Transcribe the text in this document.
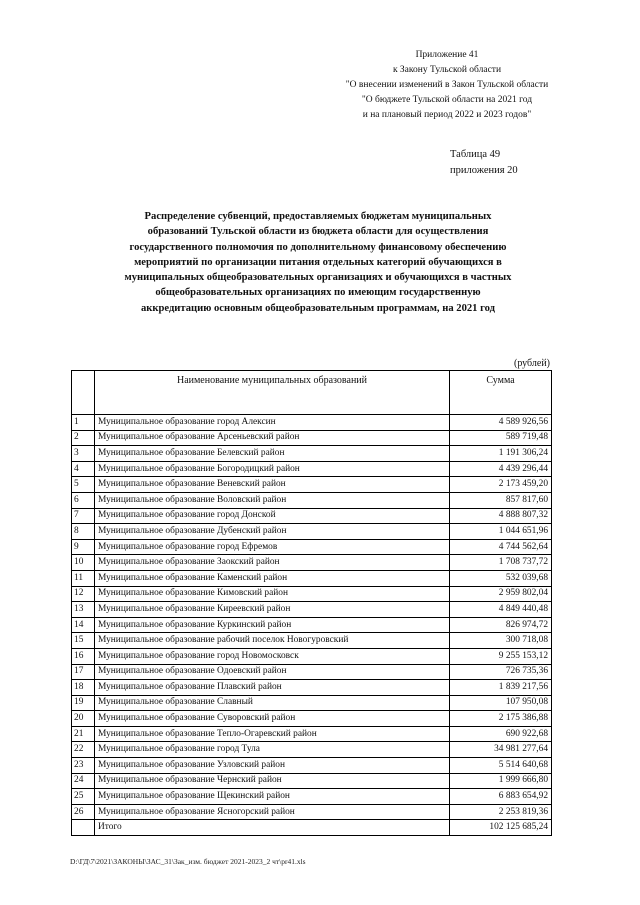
Приложение 41
к Закону Тульской области
"О внесении изменений в Закон Тульской области
"О бюджете Тульской области на 2021 год
и на плановый период 2022 и 2023 годов"
Таблица 49
приложения 20
Распределение субвенций, предоставляемых бюджетам муниципальных
образований Тульской области из бюджета области для осуществления
государственного полномочия по дополнительному финансовому обеспечению
мероприятий по организации питания отдельных категорий обучающихся в
муниципальных общеобразовательных организациях и обучающихся в частных
общеобразовательных организациях по имеющим государственную
аккредитацию основным общеобразовательным программам, на 2021 год
(рублей)
	Наименование муниципальных образований	Сумма
1	Муниципальное образование город Алексин	4 589 926,56
2	Муниципальное образование Арсеньевский район	589 719,48
3	Муниципальное образование Белевский район	1 191 306,24
4	Муниципальное образование Богородицкий район	4 439 296,44
5	Муниципальное образование Веневский район	2 173 459,20
6	Муниципальное образование Воловский район	857 817,60
7	Муниципальное образование город Донской	4 888 807,32
8	Муниципальное образование Дубенский район	1 044 651,96
9	Муниципальное образование город Ефремов	4 744 562,64
10	Муниципальное образование Заокский район	1 708 737,72
11	Муниципальное образование Каменский район	532 039,68
12	Муниципальное образование Кимовский район	2 959 802,04
13	Муниципальное образование Киреевский район	4 849 440,48
14	Муниципальное образование Куркинский район	826 974,72
15	Муниципальное образование рабочий поселок Новогуровский	300 718,08
16	Муниципальное образование город Новомосковск	9 255 153,12
17	Муниципальное образование Одоевский район	726 735,36
18	Муниципальное образование Плавский район	1 839 217,56
19	Муниципальное образование Славный	107 950,08
20	Муниципальное образование Суворовский район	2 175 386,88
21	Муниципальное образование Тепло-Огаревский район	690 922,68
22	Муниципальное образование город Тула	34 981 277,64
23	Муниципальное образование Узловский район	5 514 640,68
24	Муниципальное образование Чернский район	1 999 666,80
25	Муниципальное образование Щекинский район	6 883 654,92
26	Муниципальное образование Ясногорский район	2 253 819,36
	Итого	102 125 685,24
D:\ГД\7\2021\ЗАКОНЫ\ЗАС_31\Зак_изм. бюджет 2021-2023_2 чт\pr41.xls
